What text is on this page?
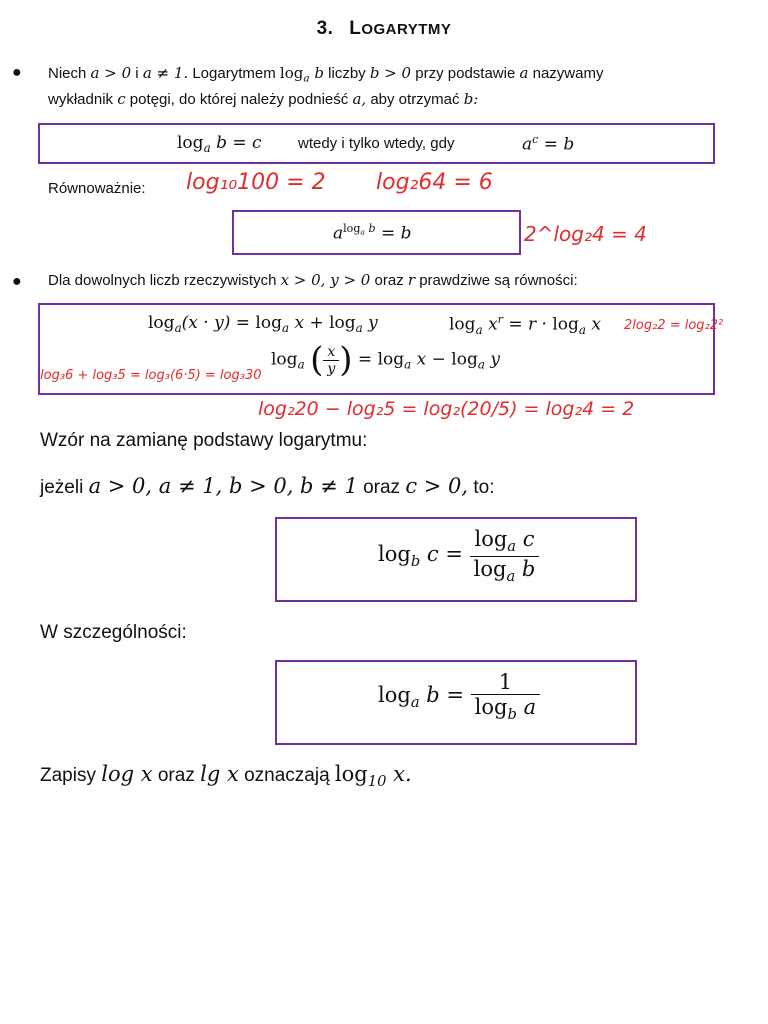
3. LOGARYTMY
● Niech a > 0 i a ≠ 1. Logarytmem $\log_a b$ liczby b > 0 przy podstawie a nazywamy
wykładnik c potęgi, do której należy podnieść a, aby otrzymać b:
$\log_a b = c$ wtedy i tylko wtedy, gdy	$a^c = b$
Równoważnie:
$a^{log_a b} = b$
● Dla dowolnych liczb rzeczywistych x > 0, y > 0 oraz r prawdziwe są równości:
$\log_a(x \cdot y) = \log_a x + \log_a y$	$\log_a x^r = r \cdot \log_a x$
$\log_a$ ( $\frac{x}{y}$ ) = $\log_a x - \log_a y$
Wzór na zamianę podstawy logarytmu:
jeżeli a > 0, a ≠ 1, b > 0, b ≠ 1 oraz c > 0, to:
$\log_b c = \frac{\log_a c}{\log_a b}$
W szczególności:
$\log_a b = \frac{1}{\log_b a}$
Zapisy log x oraz lg x oznaczają $\log_{10} x$.
log₁₀100 = 2 log₂64 = 6
2^log₂4 = 4
2log₂2 = log₂2²
log₃6 + log₃5 = log₃(6·5) = log₃30
log₂20 − log₂5 = log₂(20/5) = log₂4 = 2
